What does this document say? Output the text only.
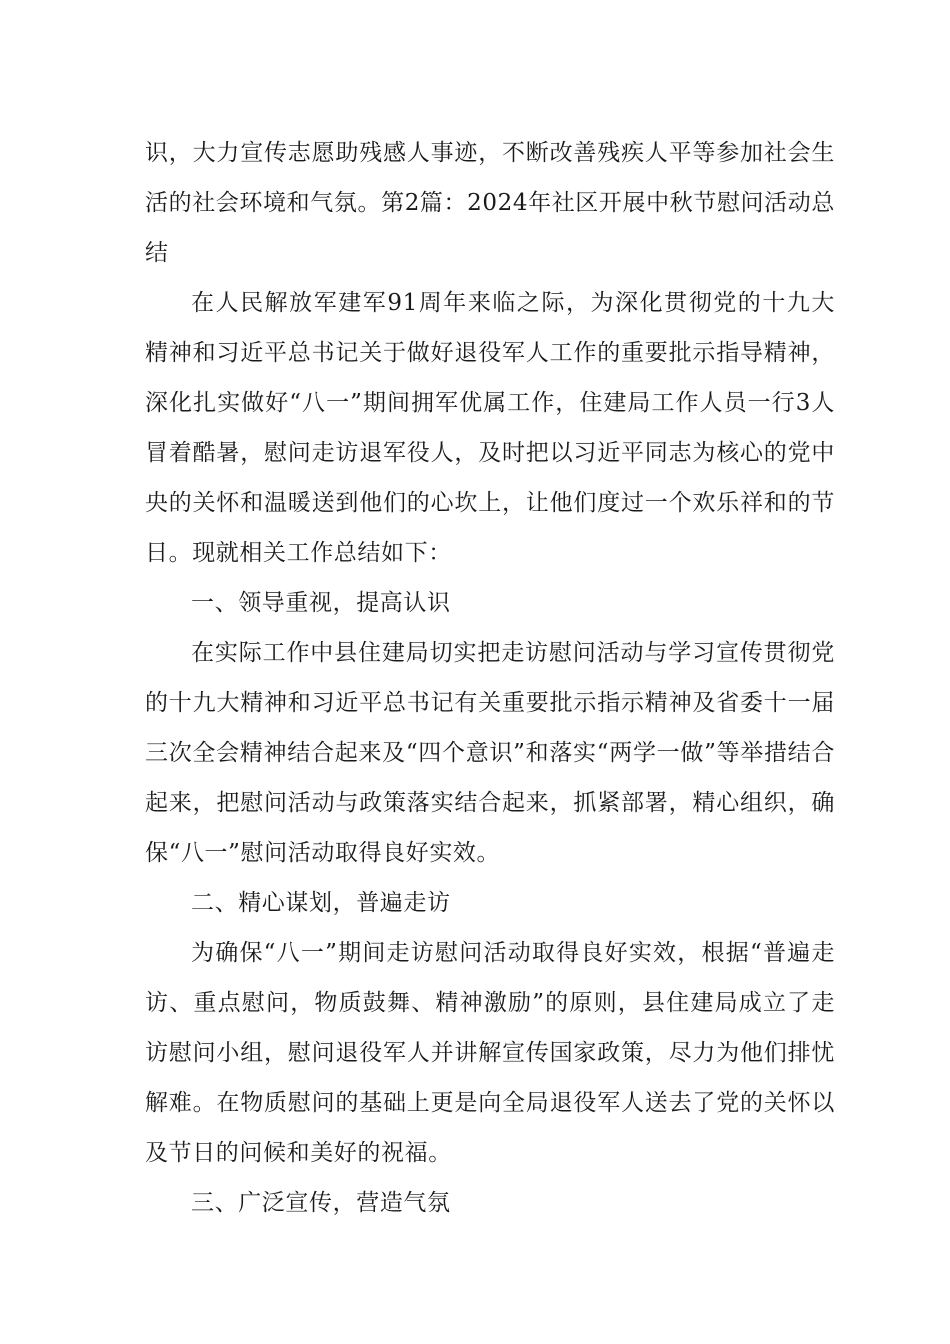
识，大力宣传志愿助残感人事迹，不断改善残疾人平等参加社会生活的社会环境和气氛。第2篇：2024年社区开展中秋节慰问活动总结

在人民解放军建军91周年来临之际，为深化贯彻党的十九大精神和习近平总书记关于做好退役军人工作的重要批示指导精神，深化扎实做好“八一”期间拥军优属工作，住建局工作人员一行3人冒着酷暑，慰问走访退军役人，及时把以习近平同志为核心的党中央的关怀和温暖送到他们的心坎上，让他们度过一个欢乐祥和的节日。现就相关工作总结如下：

一、领导重视，提高认识

在实际工作中县住建局切实把走访慰问活动与学习宣传贯彻党的十九大精神和习近平总书记有关重要批示指示精神及省委十一届三次全会精神结合起来及“四个意识”和落实“两学一做”等举措结合起来，把慰问活动与政策落实结合起来，抓紧部署，精心组织，确保“八一”慰问活动取得良好实效。

二、精心谋划，普遍走访

为确保“八一”期间走访慰问活动取得良好实效，根据“普遍走访、重点慰问，物质鼓舞、精神激励”的原则，县住建局成立了走访慰问小组，慰问退役军人并讲解宣传国家政策，尽力为他们排忧解难。在物质慰问的基础上更是向全局退役军人送去了党的关怀以及节日的问候和美好的祝福。

三、广泛宣传，营造气氛
